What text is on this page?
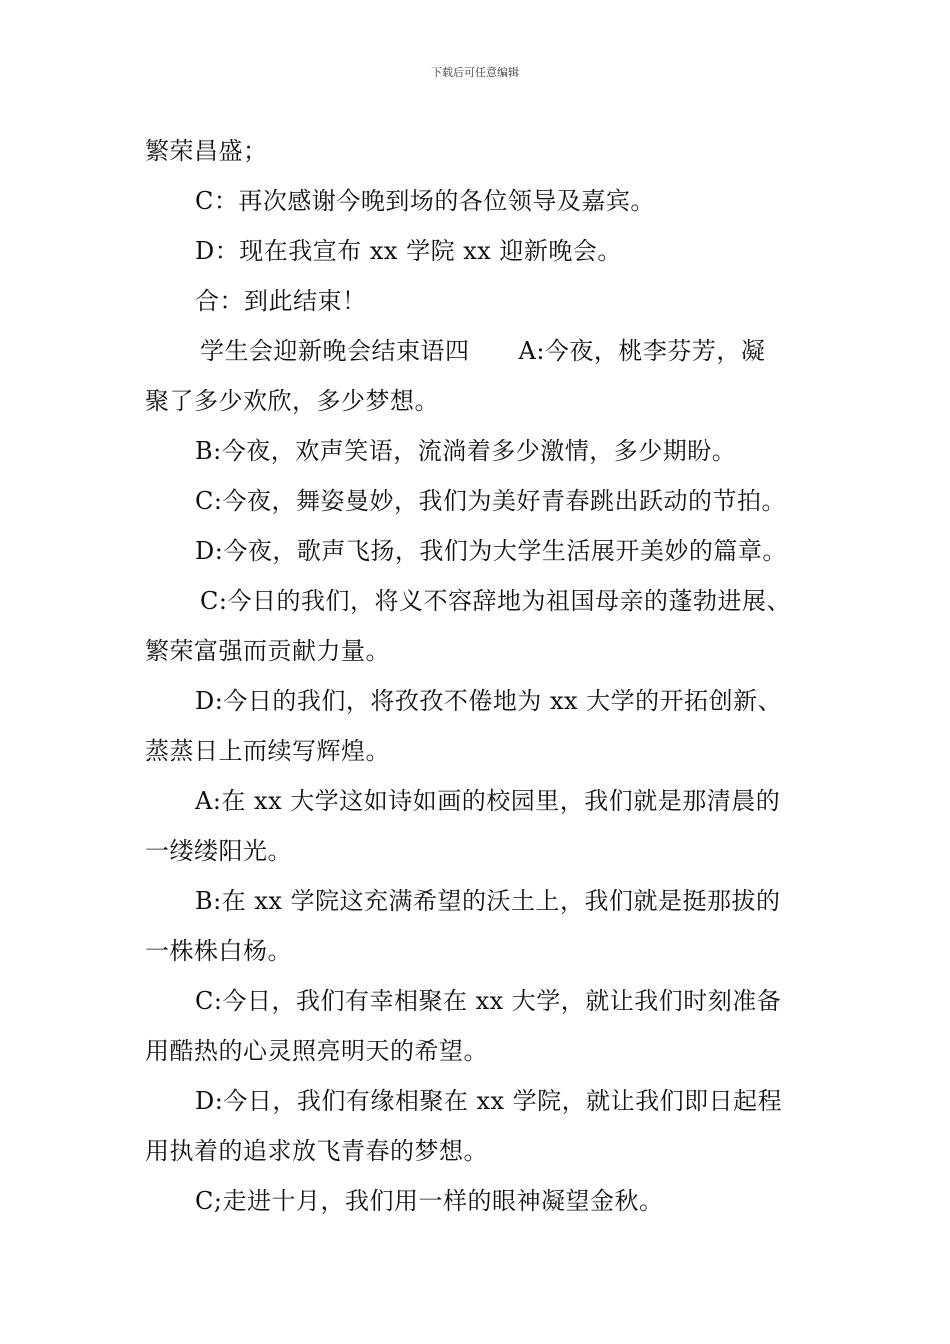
下载后可任意编辑
繁荣昌盛；
C：再次感谢今晚到场的各位领导及嘉宾。
D：现在我宣布 xx 学院 xx 迎新晚会。
合：到此结束！
学生会迎新晚会结束语四　　A:今夜，桃李芬芳，凝
聚了多少欢欣，多少梦想。
B:今夜，欢声笑语，流淌着多少激情，多少期盼。
C:今夜，舞姿曼妙，我们为美好青春跳出跃动的节拍。
D:今夜，歌声飞扬，我们为大学生活展开美妙的篇章。
C:今日的我们，将义不容辞地为祖国母亲的蓬勃进展、
繁荣富强而贡献力量。
D:今日的我们，将孜孜不倦地为 xx 大学的开拓创新、
蒸蒸日上而续写辉煌。
A:在 xx 大学这如诗如画的校园里，我们就是那清晨的
一缕缕阳光。
B:在 xx 学院这充满希望的沃土上，我们就是挺那拔的
一株株白杨。
C:今日，我们有幸相聚在 xx 大学，就让我们时刻准备
用酷热的心灵照亮明天的希望。
D:今日，我们有缘相聚在 xx 学院，就让我们即日起程
用执着的追求放飞青春的梦想。
C;走进十月，我们用一样的眼神凝望金秋。
